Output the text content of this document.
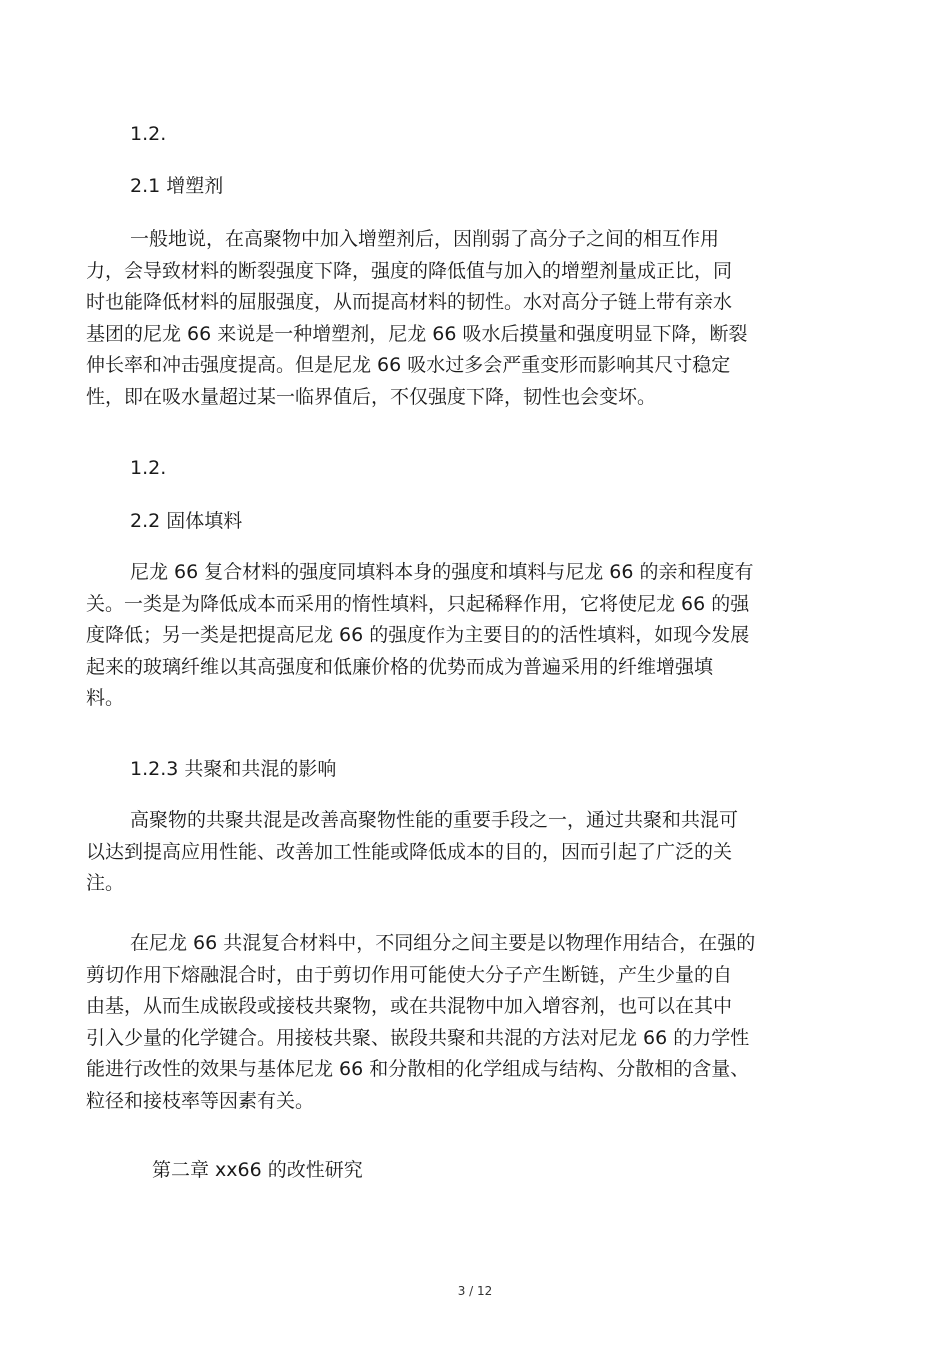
1.2.
2.1 增塑剂
一般地说，在高聚物中加入增塑剂后，因削弱了高分子之间的相互作用
力，会导致材料的断裂强度下降，强度的降低值与加入的增塑剂量成正比，同
时也能降低材料的屈服强度，从而提高材料的韧性。水对高分子链上带有亲水
基团的尼龙 66 来说是一种增塑剂，尼龙 66 吸水后摸量和强度明显下降，断裂
伸长率和冲击强度提高。但是尼龙 66 吸水过多会严重变形而影响其尺寸稳定
性，即在吸水量超过某一临界值后，不仅强度下降，韧性也会变坏。
1.2.
2.2 固体填料
尼龙 66 复合材料的强度同填料本身的强度和填料与尼龙 66 的亲和程度有
关。一类是为降低成本而采用的惰性填料，只起稀释作用，它将使尼龙 66 的强
度降低；另一类是把提高尼龙 66 的强度作为主要目的的活性填料，如现今发展
起来的玻璃纤维以其高强度和低廉价格的优势而成为普遍采用的纤维增强填
料。
1.2.3 共聚和共混的影响
高聚物的共聚共混是改善高聚物性能的重要手段之一，通过共聚和共混可
以达到提高应用性能、改善加工性能或降低成本的目的，因而引起了广泛的关
注。
在尼龙 66 共混复合材料中，不同组分之间主要是以物理作用结合，在强的
剪切作用下熔融混合时，由于剪切作用可能使大分子产生断链，产生少量的自
由基，从而生成嵌段或接枝共聚物，或在共混物中加入增容剂，也可以在其中
引入少量的化学键合。用接枝共聚、嵌段共聚和共混的方法对尼龙 66 的力学性
能进行改性的效果与基体尼龙 66 和分散相的化学组成与结构、分散相的含量、
粒径和接枝率等因素有关。
第二章 xx66 的改性研究
3 / 12
